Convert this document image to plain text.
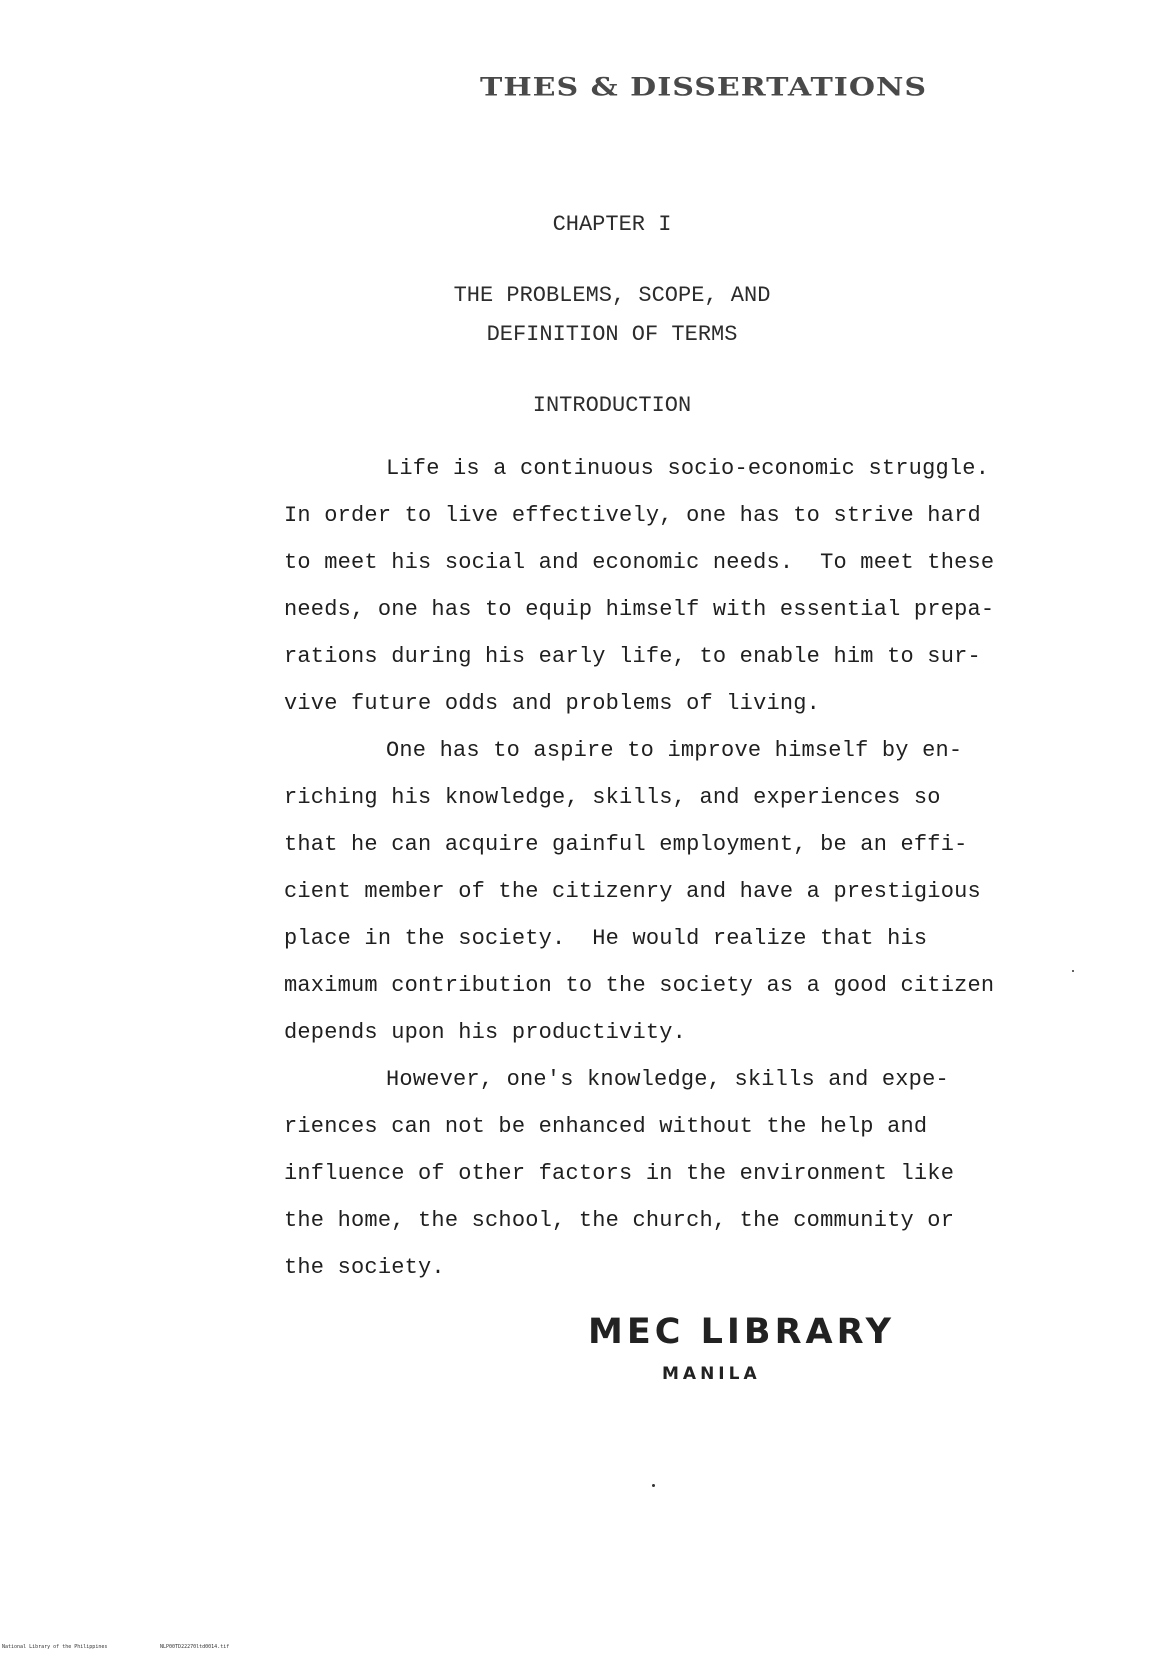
THES & DISSERTATIONS
CHAPTER I
THE PROBLEMS, SCOPE, AND
DEFINITION OF TERMS
INTRODUCTION
Life is a continuous socio-economic struggle.
In order to live effectively, one has to strive hard
to meet his social and economic needs.  To meet these
needs, one has to equip himself with essential prepa-
rations during his early life, to enable him to sur-
vive future odds and problems of living.
One has to aspire to improve himself by en-
riching his knowledge, skills, and experiences so
that he can acquire gainful employment, be an effi-
cient member of the citizenry and have a prestigious
place in the society.  He would realize that his
maximum contribution to the society as a good citizen
depends upon his productivity.
However, one's knowledge, skills and expe-
riences can not be enhanced without the help and
influence of other factors in the environment like
the home, the school, the church, the community or
the society.
MEC LIBRARY
MANILA
National Library of the Philippines	NLP00TD22270ltd0014.tif
